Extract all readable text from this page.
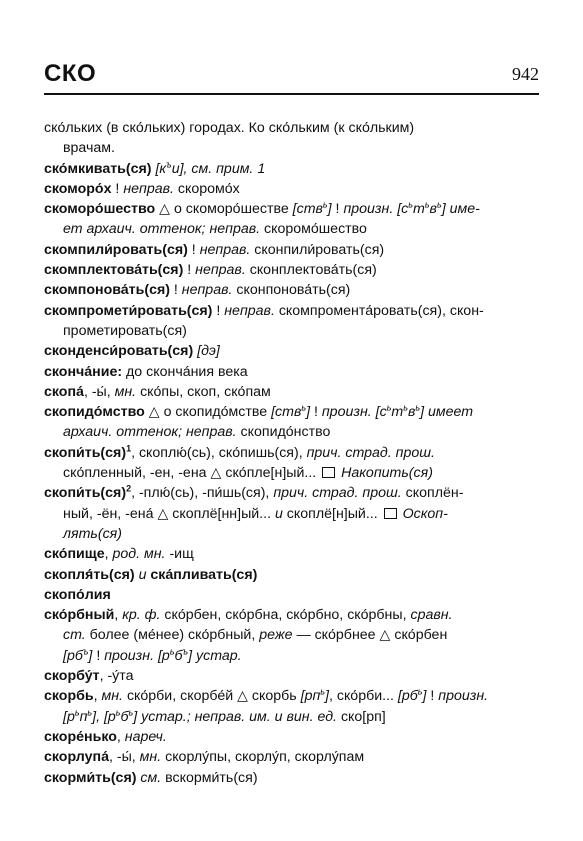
СКО	942
ско́льких (в ско́льких) городах. Ко ско́льким (к ско́льким)
врачам.
ско́мкивать(ся) $[к^ъи]$, см. прим. 1
скоморо́х ! неправ. скоромо́х
скоморо́шество △ о скоморо́шестве [ств$^ь$] ! произн. $[с^ьт^ьв^ь]$ име-
ет архаич. оттенок; неправ. скоромо́шество
скомпили́ровать(ся) ! неправ. сконпили́ровать(ся)
скомплектова́ть(ся) ! неправ. сконплектова́ть(ся)
скомпонова́ть(ся) ! неправ. сконпонова́ть(ся)
скомпромети́ровать(ся) ! неправ. скомпромента́ровать(ся), скон-
прометировать(ся)
сконденси́ровать(ся) [дэ]
сконча́ние: до сконча́ния века
скопа́, -ы́, мн. ско́пы, скоп, ско́пам
скопидо́мство △ о скопидо́мстве [ств$^ь$] ! произн. $[с^ьт^ьв^ь]$ имеет
архаич. оттенок; неправ. скопидо́нство
скопи́ть(ся)$^1$, скоплю́(сь), ско́пишь(ся), прич. страд. прош.
ско́пленный, -ен, -ена △ ско́пле[н]ый...  Накопить(ся)
скопи́ть(ся)$^2$, -плю́(сь), -пи́шь(ся), прич. страд. прош. скоплён-
ный, -ён, -ена́ △ скоплё[нн]ый... и скоплё[н]ый...  Оскоп-
лять(ся)
ско́пище, род. мн. -ищ
скопля́ть(ся) и ска́пливать(ся)
скопо́лия
ско́рбный, кр. ф. ско́рбен, ско́рбна, ско́рбно, ско́рбны, сравн.
ст. более (ме́нее) ско́рбный, реже — ско́рбнее △ ско́рбен
$[рб^ъ]$ ! произн. $[р^ьб^ъ]$ устар.
скорбу́т, -у́та
скорбь, мн. ско́рби, скорбе́й △ скорбь $[рп^ь]$, ско́рби... $[рб^ь]$ ! произн.
$[р^ьп^ь]$, $[р^ьб^ь]$ устар.; неправ. им. и вин. ед. ско[рп]
скоре́нько, нареч.
скорлупа́, -ы́, мн. скорлу́пы, скорлу́п, скорлу́пам
скорми́ть(ся) см. вскорми́ть(ся)
